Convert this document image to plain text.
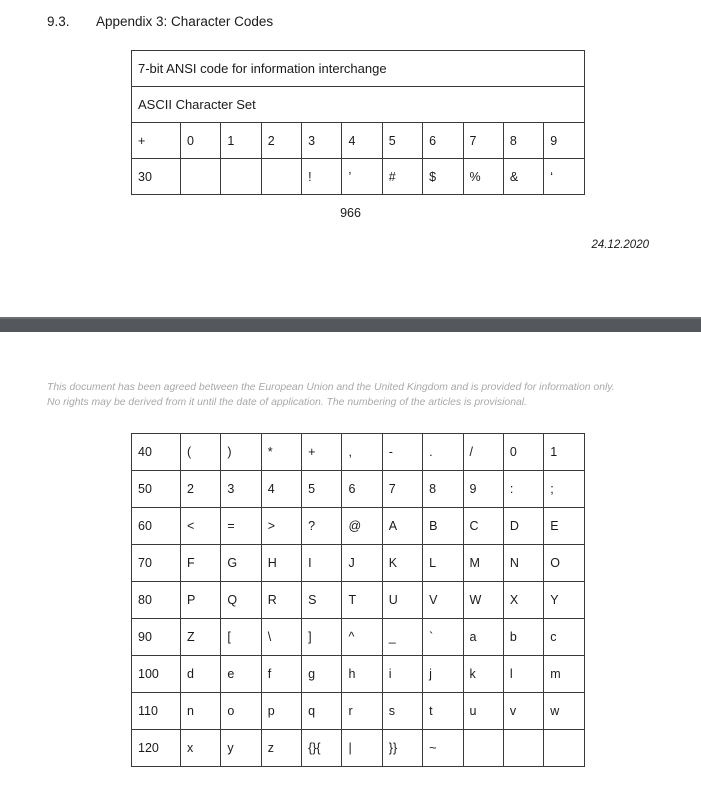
9.3. Appendix 3: Character Codes
7-bit ANSI code for information interchange										
ASCII Character Set										
+	0	1	2	3	4	5	6	7	8	9
30				!	’	#	$	%	&	‘
966
24.12.2020
This document has been agreed between the European Union and the United Kingdom and is provided for information only.
No rights may be derived from it until the date of application. The numbering of the articles is provisional.
40	(	)	*	+	,	-	.	/	0	1
50	2	3	4	5	6	7	8	9	:	;
60	<	=	>	?	@	A	B	C	D	E
70	F	G	H	I	J	K	L	M	N	O
80	P	Q	R	S	T	U	V	W	X	Y
90	Z	[	\	]	^	_	`	a	b	c
100	d	e	f	g	h	i	j	k	l	m
110	n	o	p	q	r	s	t	u	v	w
120	x	y	z	{}{	|	}}	~			
